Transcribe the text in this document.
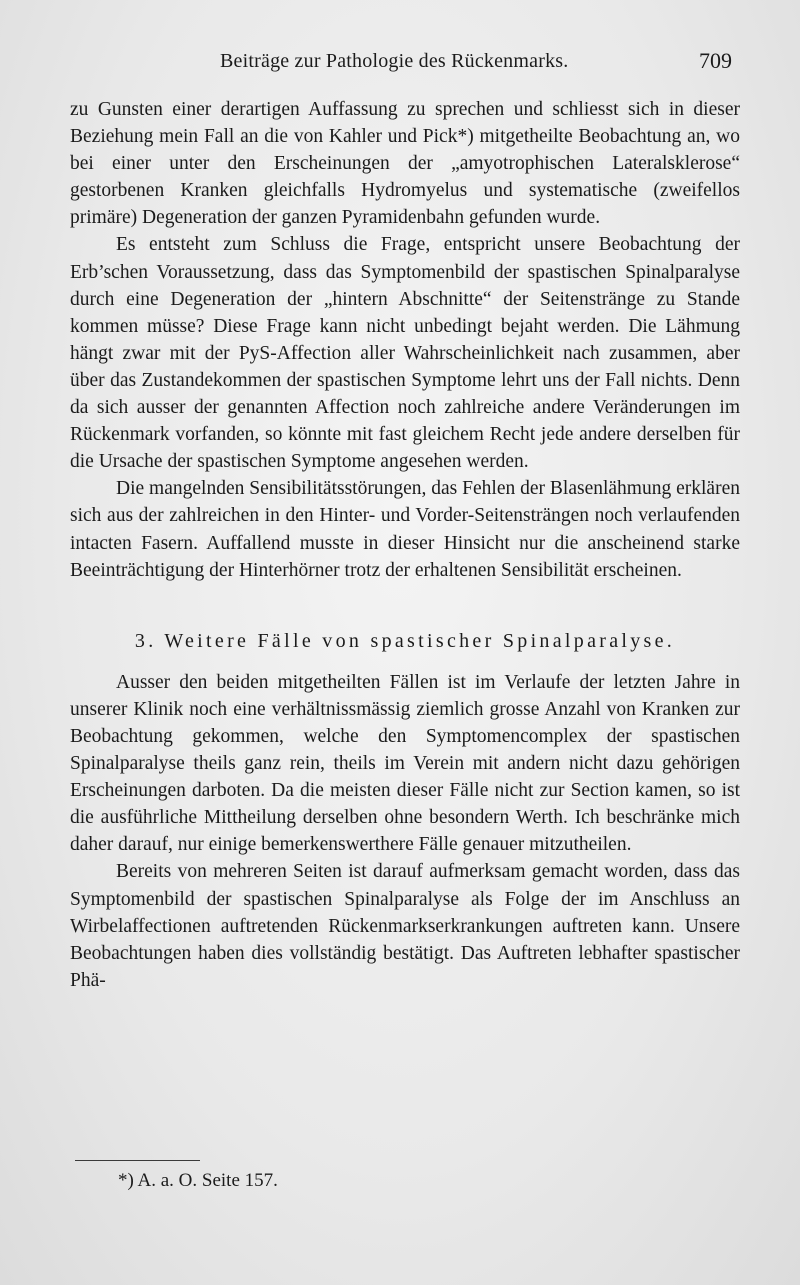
Beiträge zur Pathologie des Rückenmarks.	709

zu Gunsten einer derartigen Auffassung zu sprechen und schliesst sich in dieser Beziehung mein Fall an die von Kahler und Pick*) mitgetheilte Beobachtung an, wo bei einer unter den Erscheinungen der „amyotrophischen Lateralsklerose“ gestorbenen Kranken gleichfalls Hydromyelus und systematische (zweifellos primäre) Degeneration der ganzen Pyramidenbahn gefunden wurde.

Es entsteht zum Schluss die Frage, entspricht unsere Beobachtung der Erb’schen Voraussetzung, dass das Symptomenbild der spastischen Spinalparalyse durch eine Degeneration der „hintern Abschnitte“ der Seitenstränge zu Stande kommen müsse? Diese Frage kann nicht unbedingt bejaht werden. Die Lähmung hängt zwar mit der PyS-Affection aller Wahrscheinlichkeit nach zusammen, aber über das Zustandekommen der spastischen Symptome lehrt uns der Fall nichts. Denn da sich ausser der genannten Affection noch zahlreiche andere Veränderungen im Rückenmark vorfanden, so könnte mit fast gleichem Recht jede andere derselben für die Ursache der spastischen Symptome angesehen werden.

Die mangelnden Sensibilitätsstörungen, das Fehlen der Blasenlähmung erklären sich aus der zahlreichen in den Hinter- und Vorder-Seitensträngen noch verlaufenden intacten Fasern. Auffallend musste in dieser Hinsicht nur die anscheinend starke Beeinträchtigung der Hinterhörner trotz der erhaltenen Sensibilität erscheinen.

3. Weitere Fälle von spastischer Spinalparalyse.

Ausser den beiden mitgetheilten Fällen ist im Verlaufe der letzten Jahre in unserer Klinik noch eine verhältnissmässig ziemlich grosse Anzahl von Kranken zur Beobachtung gekommen, welche den Symptomencomplex der spastischen Spinalparalyse theils ganz rein, theils im Verein mit andern nicht dazu gehörigen Erscheinungen darboten. Da die meisten dieser Fälle nicht zur Section kamen, so ist die ausführliche Mittheilung derselben ohne besondern Werth. Ich beschränke mich daher darauf, nur einige bemerkenswerthere Fälle genauer mitzutheilen.

Bereits von mehreren Seiten ist darauf aufmerksam gemacht worden, dass das Symptomenbild der spastischen Spinalparalyse als Folge der im Anschluss an Wirbelaffectionen auftretenden Rückenmarkserkrankungen auftreten kann. Unsere Beobachtungen haben dies vollständig bestätigt. Das Auftreten lebhafter spastischer Phä-

*) A. a. O. Seite 157.
